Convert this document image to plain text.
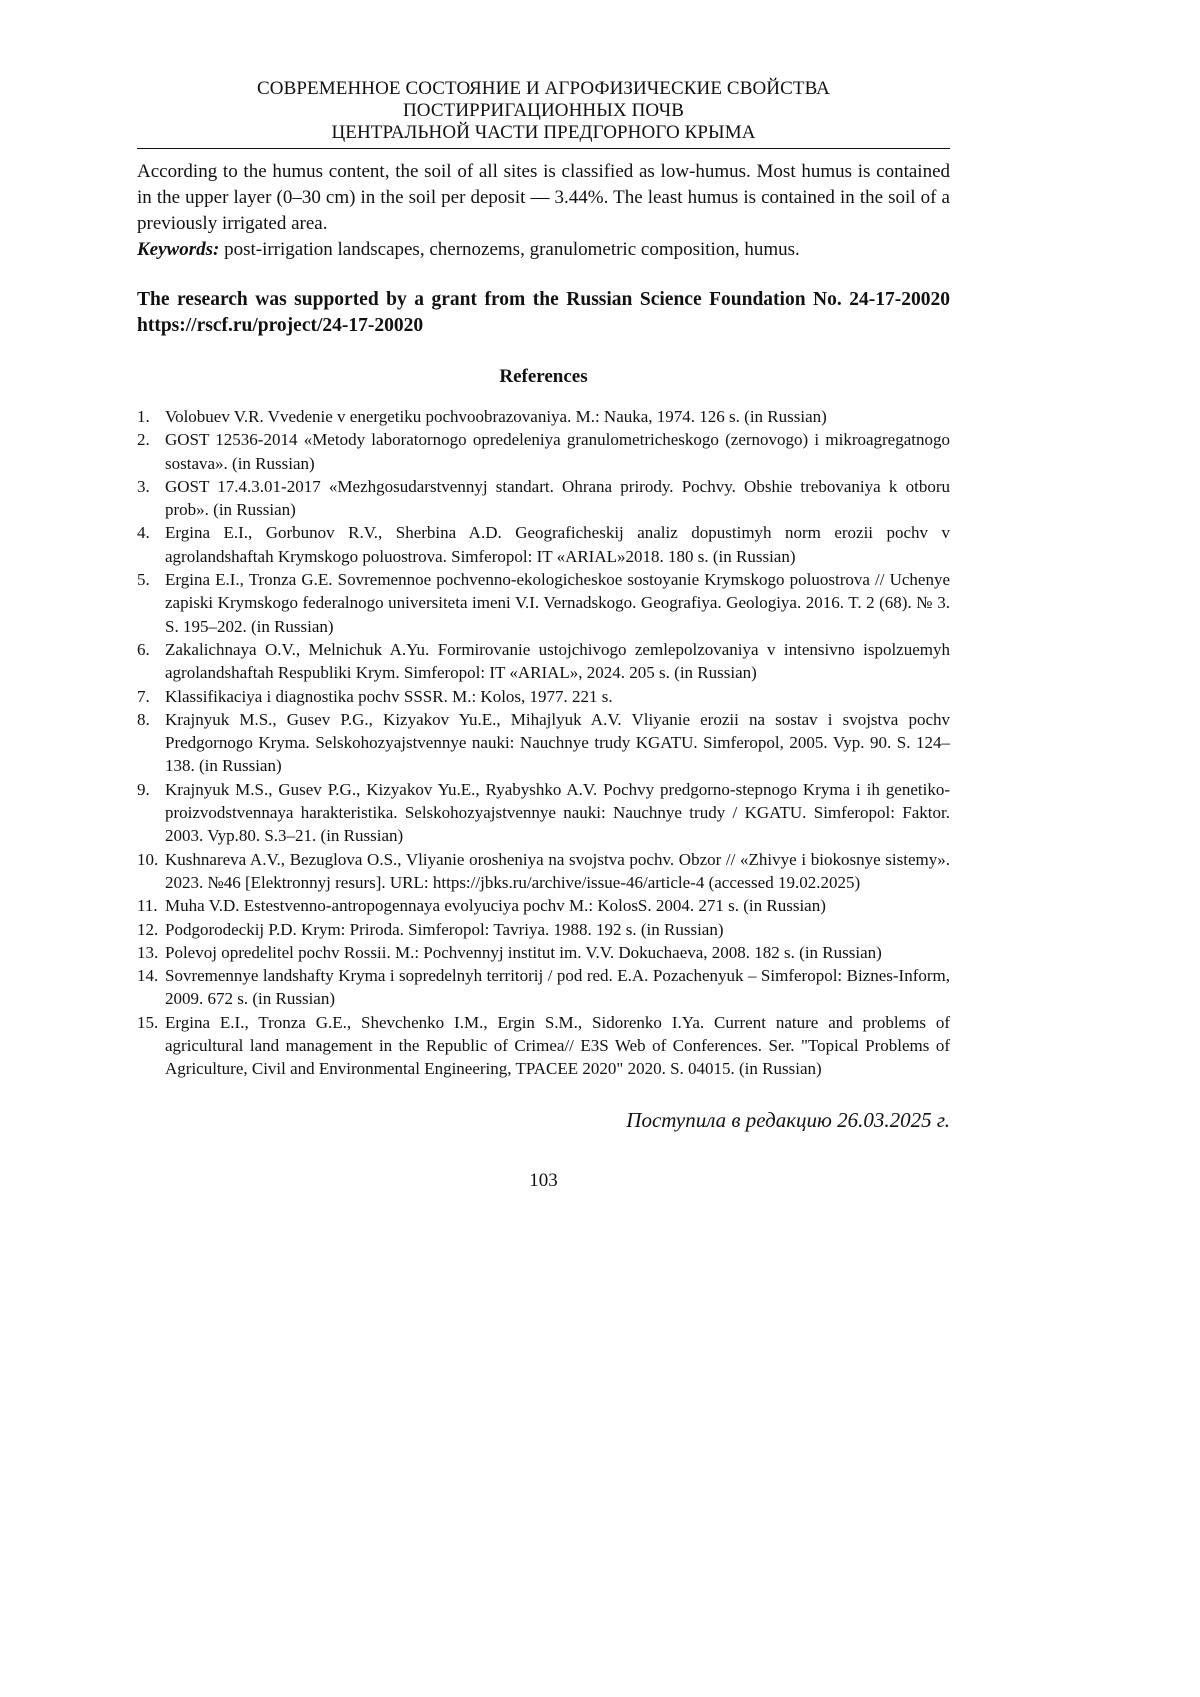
СОВРЕМЕННОЕ СОСТОЯНИЕ И АГРОФИЗИЧЕСКИЕ СВОЙСТВА
ПОСТИРРИГАЦИОННЫХ ПОЧВ
ЦЕНТРАЛЬНОЙ ЧАСТИ ПРЕДГОРНОГО КРЫМА

According to the humus content, the soil of all sites is classified as low-humus. Most humus is contained in the upper layer (0–30 cm) in the soil per deposit — 3.44%. The least humus is contained in the soil of a previously irrigated area.

Keywords: post-irrigation landscapes, chernozems, granulometric composition, humus.

The research was supported by a grant from the Russian Science Foundation No. 24-17-20020 https://rscf.ru/project/24-17-20020
References
1. Volobuev V.R. Vvedenie v energetiku pochvoobrazovaniya. M.: Nauka, 1974. 126 s. (in Russian)
2. GOST 12536-2014 «Metody laboratornogo opredeleniya granulometricheskogo (zernovogo) i mikroagregatnogo sostava». (in Russian)
3. GOST 17.4.3.01-2017 «Mezhgosudarstvennyj standart. Ohrana prirody. Pochvy. Obshie trebovaniya k otboru prob». (in Russian)
4. Ergina E.I., Gorbunov R.V., Sherbina A.D. Geograficheskij analiz dopustimyh norm erozii pochv v agrolandshaftah Krymskogo poluostrova. Simferopol: IT «ARIAL»2018. 180 s. (in Russian)
5. Ergina E.I., Tronza G.E. Sovremennoe pochvenno-ekologicheskoe sostoyanie Krymskogo poluostrova // Uchenye zapiski Krymskogo federalnogo universiteta imeni V.I. Vernadskogo. Geografiya. Geologiya. 2016. T. 2 (68). № 3. S. 195–202. (in Russian)
6. Zakalichnaya O.V., Melnichuk A.Yu. Formirovanie ustojchivogo zemlepolzovaniya v intensivno ispolzuemyh agrolandshaftah Respubliki Krym. Simferopol: IT «ARIAL», 2024. 205 s. (in Russian)
7. Klassifikaciya i diagnostika pochv SSSR. M.: Kolos, 1977. 221 s.
8. Krajnyuk M.S., Gusev P.G., Kizyakov Yu.E., Mihajlyuk A.V. Vliyanie erozii na sostav i svojstva pochv Predgornogo Kryma. Selskohozyajstvennye nauki: Nauchnye trudy KGATU. Simferopol, 2005. Vyp. 90. S. 124–138. (in Russian)
9. Krajnyuk M.S., Gusev P.G., Kizyakov Yu.E., Ryabyshko A.V. Pochvy predgorno-stepnogo Kryma i ih genetiko-proizvodstvennaya harakteristika. Selskohozyajstvennye nauki: Nauchnye trudy / KGATU. Simferopol: Faktor. 2003. Vyp.80. S.3–21. (in Russian)
10. Kushnareva A.V., Bezuglova O.S., Vliyanie orosheniya na svojstva pochv. Obzor // «Zhivye i biokosnye sistemy». 2023. №46 [Elektronnyj resurs]. URL: https://jbks.ru/archive/issue-46/article-4 (accessed 19.02.2025)
11. Muha V.D. Estestvenno-antropogennaya evolyuciya pochv M.: KolosS. 2004. 271 s. (in Russian)
12. Podgorodeckij P.D. Krym: Priroda. Simferopol: Tavriya. 1988. 192 s. (in Russian)
13. Polevoj opredelitel pochv Rossii. M.: Pochvennyj institut im. V.V. Dokuchaeva, 2008. 182 s. (in Russian)
14. Sovremennye landshafty Kryma i sopredelnyh territorij / pod red. E.A. Pozachenyuk – Simferopol: Biznes-Inform, 2009. 672 s. (in Russian)
15. Ergina E.I., Tronza G.E., Shevchenko I.M., Ergin S.M., Sidorenko I.Ya. Current nature and problems of agricultural land management in the Republic of Crimea// E3S Web of Conferences. Ser. "Topical Problems of Agriculture, Civil and Environmental Engineering, TPACEE 2020" 2020. S. 04015. (in Russian)
Поступила в редакцию 26.03.2025 г.
103
